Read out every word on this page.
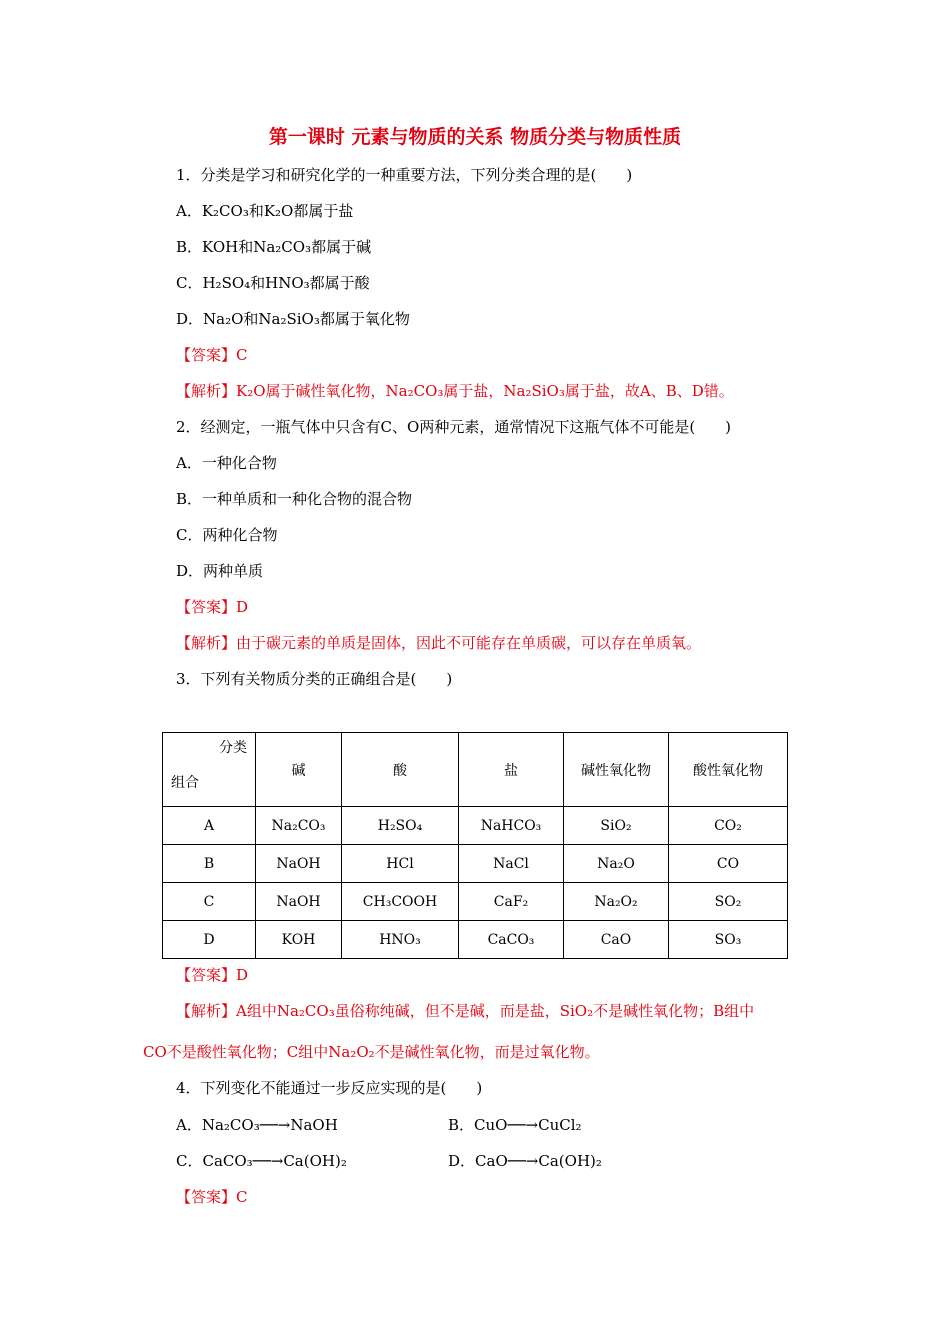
第一课时 元素与物质的关系 物质分类与物质性质
1．分类是学习和研究化学的一种重要方法，下列分类合理的是(　　)
A．K₂CO₃和K₂O都属于盐
B．KOH和Na₂CO₃都属于碱
C．H₂SO₄和HNO₃都属于酸
D．Na₂O和Na₂SiO₃都属于氧化物
【答案】C
【解析】K₂O属于碱性氧化物，Na₂CO₃属于盐，Na₂SiO₃属于盐，故A、B、D错。
2．经测定，一瓶气体中只含有C、O两种元素，通常情况下这瓶气体不可能是(　　)
A．一种化合物
B．一种单质和一种化合物的混合物
C．两种化合物
D．两种单质
【答案】D
【解析】由于碳元素的单质是固体，因此不可能存在单质碳，可以存在单质氧。
3．下列有关物质分类的正确组合是(　　)
分类
组合	碱	酸	盐	碱性氧化物	酸性氧化物
A	Na₂CO₃	H₂SO₄	NaHCO₃	SiO₂	CO₂
B	NaOH	HCl	NaCl	Na₂O	CO
C	NaOH	CH₃COOH	CaF₂	Na₂O₂	SO₂
D	KOH	HNO₃	CaCO₃	CaO	SO₃
【答案】D
【解析】A组中Na₂CO₃虽俗称纯碱，但不是碱，而是盐，SiO₂不是碱性氧化物；B组中
CO不是酸性氧化物；C组中Na₂O₂不是碱性氧化物，而是过氧化物。
4．下列变化不能通过一步反应实现的是(　　)
A．Na₂CO₃──→NaOH	B．CuO──→CuCl₂
C．CaCO₃──→Ca(OH)₂	D．CaO──→Ca(OH)₂
【答案】C
